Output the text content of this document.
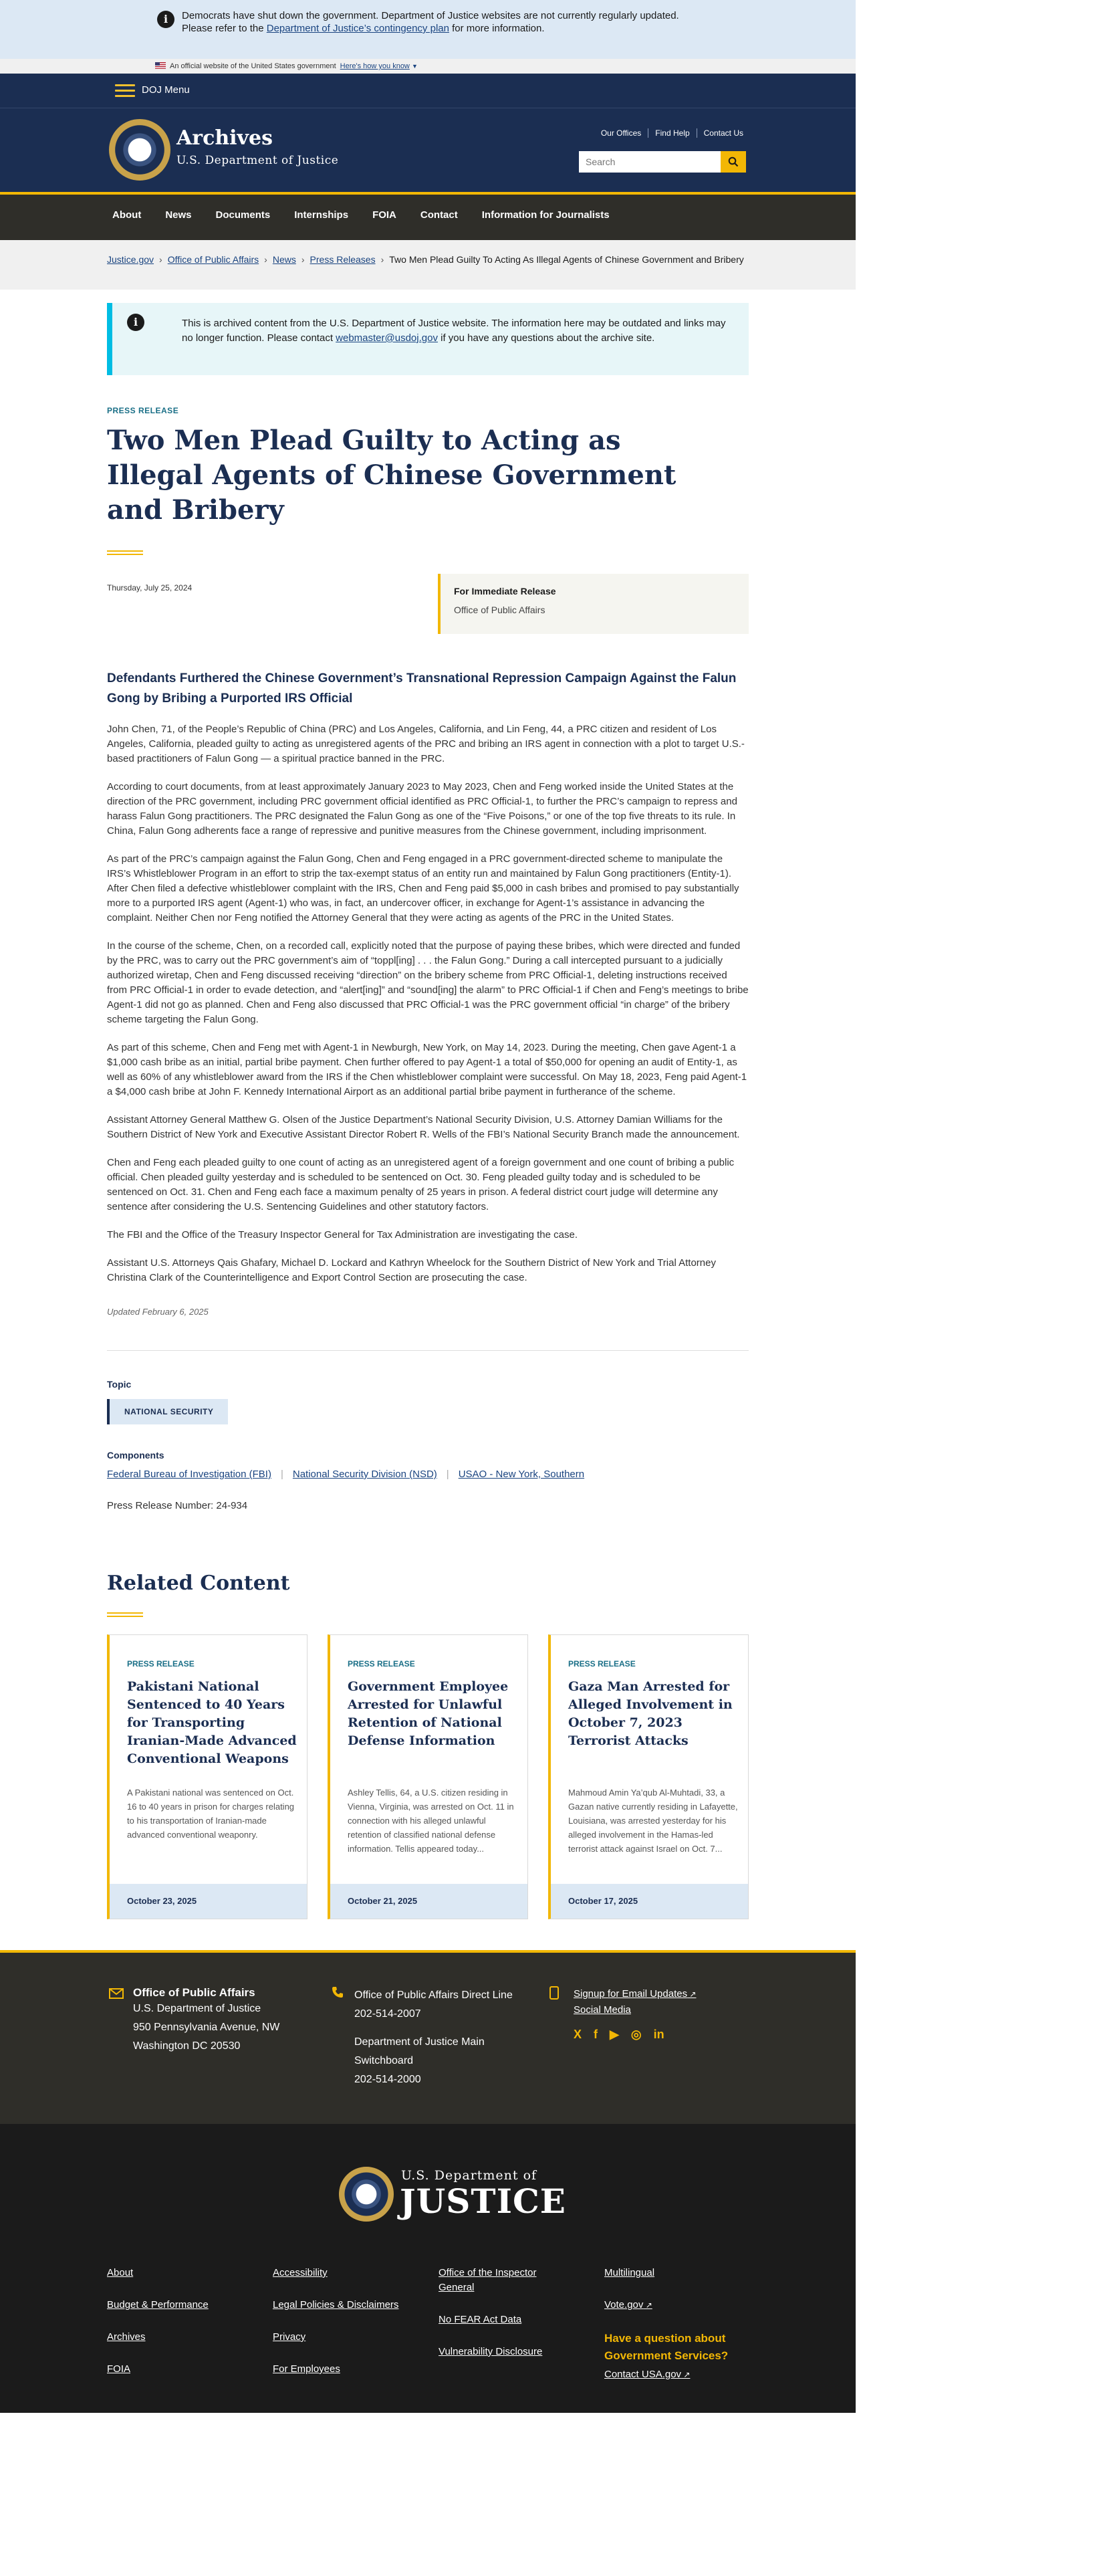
i	Democrats have shut down the government. Department of Justice websites are not currently regularly updated. Please refer to the Department of Justice’s contingency plan for more information.
An official website of the United States government Here's how you know ▼
DOJ Menu
Archives
U.S. Department of Justice
Our Offices Find Help Contact Us
Search
About News Documents Internships FOIA Contact Information for Journalists
Justice.gov › Office of Public Affairs › News › Press Releases › Two Men Plead Guilty To Acting As Illegal Agents of Chinese Government and Bribery
i	This is archived content from the U.S. Department of Justice website. The information here may be outdated and links may no longer function. Please contact webmaster@usdoj.gov if you have any questions about the archive site.
PRESS RELEASE
Two Men Plead Guilty to Acting as Illegal Agents of Chinese Government and Bribery
Thursday, July 25, 2024	For Immediate Release
Office of Public Affairs
Defendants Furthered the Chinese Government’s Transnational Repression Campaign Against the Falun Gong by Bribing a Purported IRS Official

John Chen, 71, of the People’s Republic of China (PRC) and Los Angeles, California, and Lin Feng, 44, a PRC citizen and resident of Los Angeles, California, pleaded guilty to acting as unregistered agents of the PRC and bribing an IRS agent in connection with a plot to target U.S.-based practitioners of Falun Gong — a spiritual practice banned in the PRC.

According to court documents, from at least approximately January 2023 to May 2023, Chen and Feng worked inside the United States at the direction of the PRC government, including PRC government official identified as PRC Official-1, to further the PRC’s campaign to repress and harass Falun Gong practitioners. The PRC designated the Falun Gong as one of the “Five Poisons,” or one of the top five threats to its rule. In China, Falun Gong adherents face a range of repressive and punitive measures from the Chinese government, including imprisonment.

As part of the PRC’s campaign against the Falun Gong, Chen and Feng engaged in a PRC government-directed scheme to manipulate the IRS’s Whistleblower Program in an effort to strip the tax-exempt status of an entity run and maintained by Falun Gong practitioners (Entity-1). After Chen filed a defective whistleblower complaint with the IRS, Chen and Feng paid $5,000 in cash bribes and promised to pay substantially more to a purported IRS agent (Agent-1) who was, in fact, an undercover officer, in exchange for Agent-1’s assistance in advancing the complaint. Neither Chen nor Feng notified the Attorney General that they were acting as agents of the PRC in the United States.

In the course of the scheme, Chen, on a recorded call, explicitly noted that the purpose of paying these bribes, which were directed and funded by the PRC, was to carry out the PRC government’s aim of “toppl[ing] . . . the Falun Gong.” During a call intercepted pursuant to a judicially authorized wiretap, Chen and Feng discussed receiving “direction” on the bribery scheme from PRC Official-1, deleting instructions received from PRC Official-1 in order to evade detection, and “alert[ing]” and “sound[ing] the alarm” to PRC Official-1 if Chen and Feng’s meetings to bribe Agent-1 did not go as planned. Chen and Feng also discussed that PRC Official-1 was the PRC government official “in charge” of the bribery scheme targeting the Falun Gong.

As part of this scheme, Chen and Feng met with Agent-1 in Newburgh, New York, on May 14, 2023. During the meeting, Chen gave Agent-1 a $1,000 cash bribe as an initial, partial bribe payment. Chen further offered to pay Agent-1 a total of $50,000 for opening an audit of Entity-1, as well as 60% of any whistleblower award from the IRS if the Chen whistleblower complaint were successful. On May 18, 2023, Feng paid Agent-1 a $4,000 cash bribe at John F. Kennedy International Airport as an additional partial bribe payment in furtherance of the scheme.

Assistant Attorney General Matthew G. Olsen of the Justice Department’s National Security Division, U.S. Attorney Damian Williams for the Southern District of New York and Executive Assistant Director Robert R. Wells of the FBI’s National Security Branch made the announcement.

Chen and Feng each pleaded guilty to one count of acting as an unregistered agent of a foreign government and one count of bribing a public official. Chen pleaded guilty yesterday and is scheduled to be sentenced on Oct. 30. Feng pleaded guilty today and is scheduled to be sentenced on Oct. 31. Chen and Feng each face a maximum penalty of 25 years in prison. A federal district court judge will determine any sentence after considering the U.S. Sentencing Guidelines and other statutory factors.

The FBI and the Office of the Treasury Inspector General for Tax Administration are investigating the case.

Assistant U.S. Attorneys Qais Ghafary, Michael D. Lockard and Kathryn Wheelock for the Southern District of New York and Trial Attorney Christina Clark of the Counterintelligence and Export Control Section are prosecuting the case.

Updated February 6, 2025
Topic
NATIONAL SECURITY
Components
Federal Bureau of Investigation (FBI) | National Security Division (NSD) | USAO - New York, Southern
Press Release Number: 24-934
Related Content
PRESS RELEASE
Pakistani National Sentenced to 40 Years for Transporting Iranian-Made Advanced Conventional Weapons
A Pakistani national was sentenced on Oct. 16 to 40 years in prison for charges relating to his transportation of Iranian-made advanced conventional weaponry.
October 23, 2025
PRESS RELEASE
Government Employee Arrested for Unlawful Retention of National Defense Information
Ashley Tellis, 64, a U.S. citizen residing in Vienna, Virginia, was arrested on Oct. 11 in connection with his alleged unlawful retention of classified national defense information. Tellis appeared today...
October 21, 2025
PRESS RELEASE
Gaza Man Arrested for Alleged Involvement in October 7, 2023 Terrorist Attacks
Mahmoud Amin Ya’qub Al-Muhtadi, 33, a Gazan native currently residing in Lafayette, Louisiana, was arrested yesterday for his alleged involvement in the Hamas-led terrorist attack against Israel on Oct. 7...
October 17, 2025
Office of Public Affairs
U.S. Department of Justice
950 Pennsylvania Avenue, NW
Washington DC 20530
Office of Public Affairs Direct Line
202-514-2007
Department of Justice Main Switchboard
202-514-2000
Signup for Email Updates ↗
Social Media
X f ▶ ◎ in
U.S. Department of
JUSTICE
About
Budget & Performance
Archives
FOIA
Accessibility
Legal Policies & Disclaimers
Privacy
For Employees
Office of the Inspector General
No FEAR Act Data
Vulnerability Disclosure
Multilingual
Vote.gov ↗
Have a question about Government Services?
Contact USA.gov ↗
